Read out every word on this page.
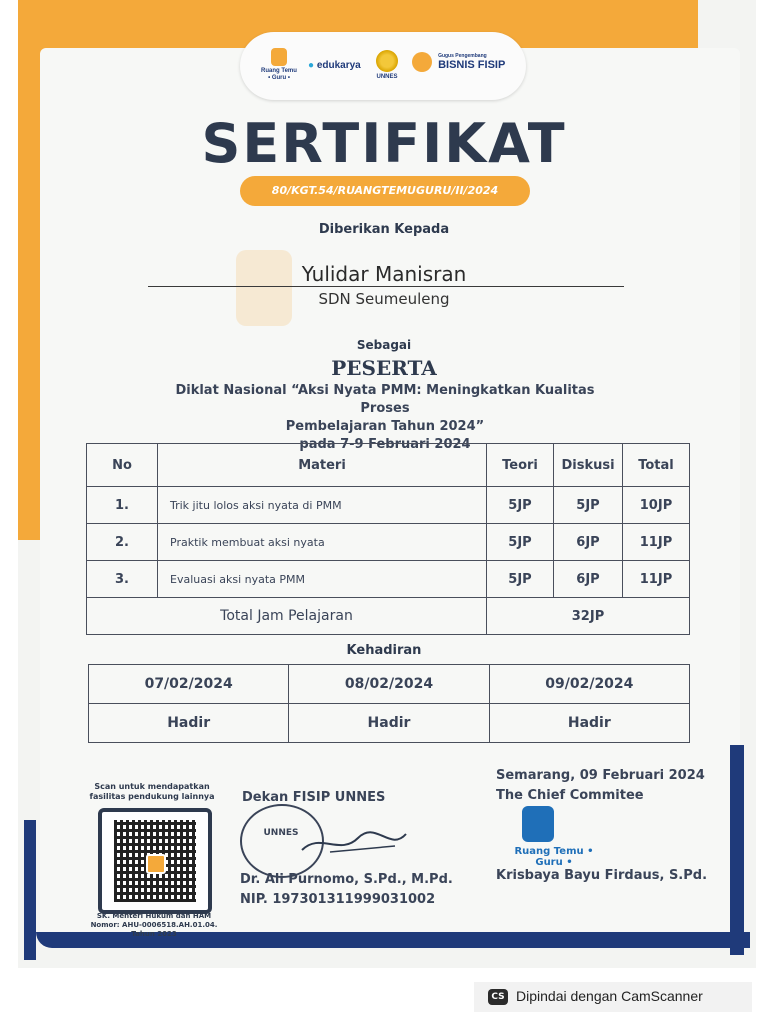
Ruang Temu • Guru •
● edukarya
UNNES

Gugus Pengembang
BISNIS FISIP
SERTIFIKAT
80/KGT.54/RUANGTEMUGURU/II/2024
Diberikan Kepada
Yulidar Manisran
SDN Seumeuleng
Sebagai
PESERTA
Diklat Nasional “Aksi Nyata PMM: Meningkatkan Kualitas Proses
Pembelajaran Tahun 2024”
pada 7-9 Februari 2024
No	Materi	Teori	Diskusi	Total
1.	Trik jitu lolos aksi nyata di PMM	5JP	5JP	10JP
2.	Praktik membuat aksi nyata	5JP	6JP	11JP
3.	Evaluasi aksi nyata PMM	5JP	6JP	11JP
Total Jam Pelajaran		32JP		
Kehadiran
07/02/2024	08/02/2024	09/02/2024
Hadir	Hadir	Hadir
Scan untuk mendapatkan fasilitas pendukung lainnya
SK. Menteri Hukum dan HAM Nomor: AHU-0006518.AH.01.04. Tahun 2023
UNNES
Dekan FISIP UNNES
Dr. Ali Purnomo, S.Pd., M.Pd.
NIP. 197301311999031002
Semarang, 09 Februari 2024
The Chief Commitee
Ruang Temu • Guru •
Krisbaya Bayu Firdaus, S.Pd.
CS Dipindai dengan CamScanner
